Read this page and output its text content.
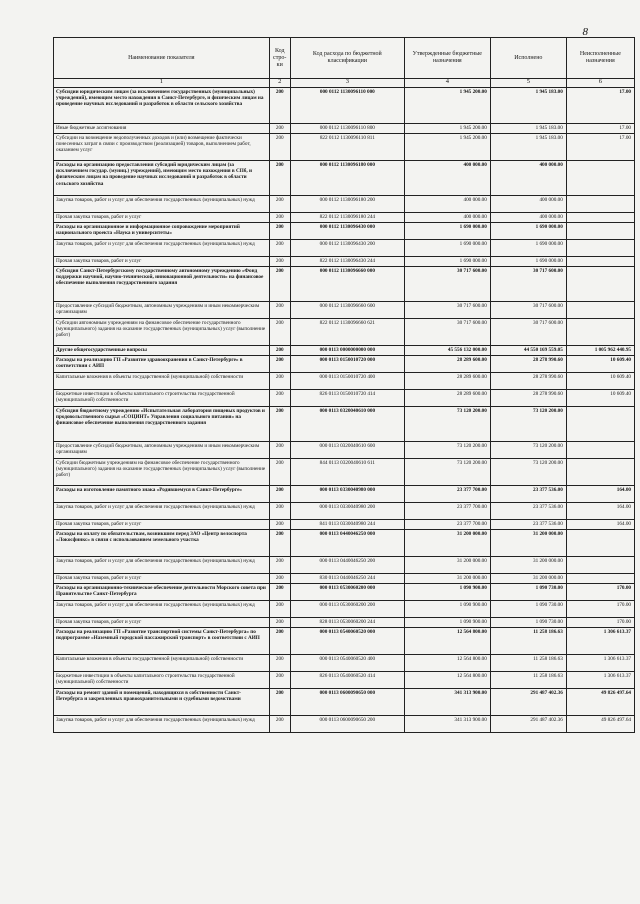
8
Наименование показателя	Код стро-ки	Код расхода по бюджетной классификации	Утвержденные бюджетные назначения	Исполнено	Неисполненные назначения
1	2	3	4	5	6
Субсидии юридическим лицам (за исключением государственных (муниципальных) учреждений), имеющим место нахождения в Санкт-Петербурге, и физическим лицам на проведение научных исследований и разработок в области сельского хозяйства	200	000 0112 1130096110 000	1 945 200.00	1 945 183.00	17.00
Иные бюджетные ассигнования	200	000 0112 1130096110 800	1 945 200.00	1 945 183.00	17.00
Субсидии на возмещение недополученных доходов и (или) возмещение фактически понесенных затрат в связи с производством (реализацией) товаров, выполнением работ, оказанием услуг	200	822 0112 1130096110 811	1 945 200.00	1 945 183.00	17.00
Расходы на организацию предоставления субсидий юридическим лицам (за исключением государ. (муниц.) учреждений), имеющим место нахождения в СПб, и физическим лицам на проведение научных исследований и разработок в области сельского хозяйства	200	000 0112 1130096180 000	400 000.00	400 000.00	
Закупка товаров, работ и услуг для обеспечения государственных (муниципальных) нужд	200	000 0112 1130096180 200	400 000.00	400 000.00	
Прочая закупка товаров, работ и услуг	200	822 0112 1130096180 244	400 000.00	400 000.00	
Расходы на организационное и информационное сопровождение мероприятий национального проекта «Наука и университеты»	200	000 0112 1130096430 000	1 690 000.00	1 690 000.00	
Закупка товаров, работ и услуг для обеспечения государственных (муниципальных) нужд	200	000 0112 1130096430 200	1 690 000.00	1 690 000.00	
Прочая закупка товаров, работ и услуг	200	822 0112 1130096430 244	1 690 000.00	1 690 000.00	
Субсидия Санкт-Петербургскому государственному автономному учреждению «Фонд поддержки научной, научно-технической, инновационной деятельности» на финансовое обеспечение выполнения государственного задания	200	000 0112 1130096660 000	30 717 600.00	30 717 600.00	
Предоставление субсидий бюджетным, автономным учреждениям и иным некоммерческим организациям	200	000 0112 1130096660 600	30 717 600.00	30 717 600.00	
Субсидии автономным учреждениям на финансовое обеспечение государственного (муниципального) задания на оказание государственных (муниципальных) услуг (выполнение работ)	200	822 0112 1130096660 621	30 717 600.00	30 717 600.00	
Другие общегосударственные вопросы	200	000 0113 0000000000 000	45 556 132 000.00	44 550 169 559.05	1 005 962 440.95
Расходы на реализацию ГП «Развитие здравоохранения в Санкт-Петербурге» в соответствии с АИП	200	000 0113 0150010720 000	28 289 600.00	28 278 990.60	10 609.40
Капитальные вложения в объекты государственной (муниципальной) собственности	200	000 0113 0150010720 400	28 289 600.00	28 278 990.60	10 609.40
Бюджетные инвестиции в объекты капитального строительства государственной (муниципальной) собственности	200	826 0113 0150010720 414	28 289 600.00	28 278 990.60	10 609.40
Субсидия бюджетному учреждению «Испытательная лаборатория пищевых продуктов и продовольственного сырья «СОЦИНТ» Управления социального питания» на финансовое обеспечение выполнения государственного задания	200	000 0113 0320040610 000	73 120 200.00	73 120 200.00	
Предоставление субсидий бюджетным, автономным учреждениям и иным некоммерческим организациям	200	000 0113 0320040610 600	73 120 200.00	73 120 200.00	
Субсидии бюджетным учреждениям на финансовое обеспечение государственного (муниципального) задания на оказание государственных (муниципальных) услуг (выполнение работ)	200	844 0113 0320040610 611	73 120 200.00	73 120 200.00	
Расходы на изготовление памятного знака «Родившемуся в Санкт-Петербурге»	200	000 0113 0330040980 000	23 377 700.00	23 377 536.00	164.00
Закупка товаров, работ и услуг для обеспечения государственных (муниципальных) нужд	200	000 0113 0330040980 200	23 377 700.00	23 377 536.00	164.00
Прочая закупка товаров, работ и услуг	200	841 0113 0330040980 244	23 377 700.00	23 377 536.00	164.00
Расходы на оплату по обязательствам, возникшим перед ЗАО «Центр велоспорта «Локосфинкс» в связи с использованием земельного участка	200	000 0113 0440046250 000	31 200 000.00	31 200 000.00	
Закупка товаров, работ и услуг для обеспечения государственных (муниципальных) нужд	200	000 0113 0440046250 200	31 200 000.00	31 200 000.00	
Прочая закупка товаров, работ и услуг	200	830 0113 0440046250 244	31 200 000.00	31 200 000.00	
Расходы на организационно-техническое обеспечение деятельности Морского совета при Правительстве Санкт-Петербурга	200	000 0113 0530060200 000	1 090 900.00	1 090 730.00	170.00
Закупка товаров, работ и услуг для обеспечения государственных (муниципальных) нужд	200	000 0113 0530060200 200	1 090 900.00	1 090 730.00	170.00
Прочая закупка товаров, работ и услуг	200	828 0113 0530060200 244	1 090 900.00	1 090 730.00	170.00
Расходы на реализацию ГП «Развитие транспортной системы Санкт-Петербурга» по подпрограмме «Наземный городской пассажирский транспорт» в соответствии с АИП	200	000 0113 0540060520 000	12 564 800.00	11 258 186.63	1 306 613.37
Капитальные вложения в объекты государственной (муниципальной) собственности	200	000 0113 0540060520 400	12 564 800.00	11 258 186.63	1 306 613.37
Бюджетные инвестиции в объекты капитального строительства государственной (муниципальной) собственности	200	826 0113 0540060520 414	12 564 800.00	11 258 186.63	1 306 613.37
Расходы на ремонт зданий и помещений, находящихся в собственности Санкт-Петербурга и закрепленных правоохранительными и судебными ведомствами	200	000 0113 0600090650 000	341 313 900.00	291 487 402.36	49 826 497.64
Закупка товаров, работ и услуг для обеспечения государственных (муниципальных) нужд	200	000 0113 0600090650 200	341 313 900.00	291 487 402.36	49 826 497.64
